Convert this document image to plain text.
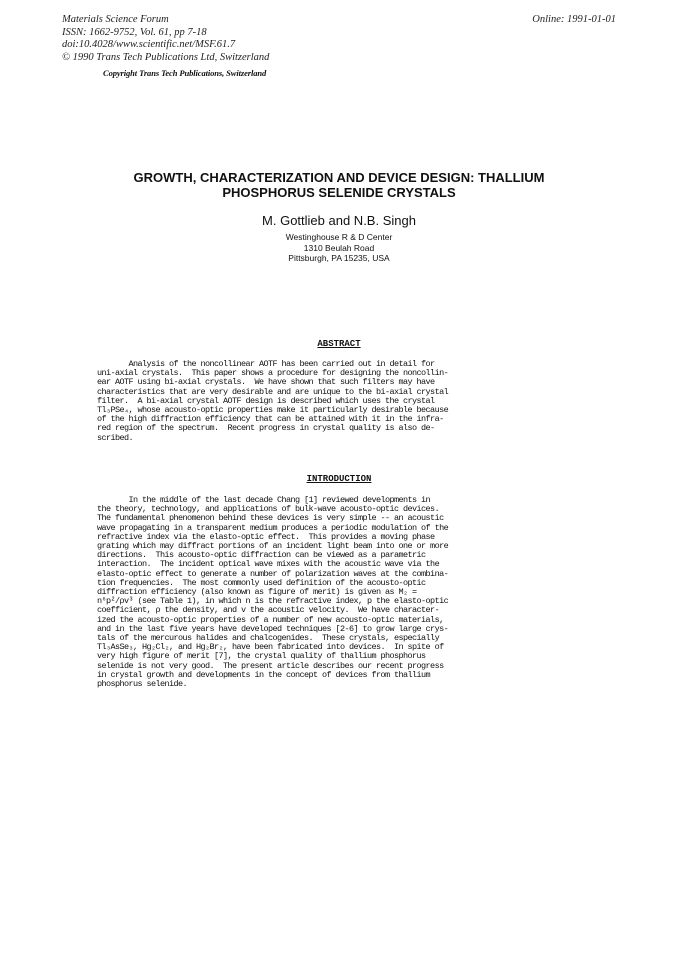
Materials Science Forum
ISSN: 1662-9752, Vol. 61, pp 7-18
doi:10.4028/www.scientific.net/MSF.61.7
© 1990 Trans Tech Publications Ltd, Switzerland
Online: 1991-01-01
Copyright Trans Tech Publications, Switzerland
GROWTH, CHARACTERIZATION AND DEVICE DESIGN: THALLIUM
PHOSPHORUS SELENIDE CRYSTALS
M. Gottlieb and N.B. Singh
Westinghouse R & D Center
1310 Beulah Road
Pittsburgh, PA 15235, USA
ABSTRACT
Analysis of the noncollinear AOTF has been carried out in detail for
uni-axial crystals.  This paper shows a procedure for designing the noncollin-
ear AOTF using bi-axial crystals.  We have shown that such filters may have
characteristics that are very desirable and are unique to the bi-axial crystal
filter.  A bi-axial crystal AOTF design is described which uses the crystal
Tl₃PSe₄, whose acousto-optic properties make it particularly desirable because
of the high diffraction efficiency that can be attained with it in the infra-
red region of the spectrum.  Recent progress in crystal quality is also de-
scribed.
INTRODUCTION
In the middle of the last decade Chang [1] reviewed developments in
the theory, technology, and applications of bulk-wave acousto-optic devices.
The fundamental phenomenon behind these devices is very simple -- an acoustic
wave propagating in a transparent medium produces a periodic modulation of the
refractive index via the elasto-optic effect.  This provides a moving phase
grating which may diffract portions of an incident light beam into one or more
directions.  This acousto-optic diffraction can be viewed as a parametric
interaction.  The incident optical wave mixes with the acoustic wave via the
elasto-optic effect to generate a number of polarization waves at the combina-
tion frequencies.  The most commonly used definition of the acousto-optic
diffraction efficiency (also known as figure of merit) is given as M₂ =
n⁶p²/ρv³ (see Table 1), in which n is the refractive index, p the elasto-optic
coefficient, ρ the density, and v the acoustic velocity.  We have character-
ized the acousto-optic properties of a number of new acousto-optic materials,
and in the last five years have developed techniques [2-6] to grow large crys-
tals of the mercurous halides and chalcogenides.  These crystals, especially
Tl₃AsSe₃, Hg₂Cl₂, and Hg₂Br₂, have been fabricated into devices.  In spite of
very high figure of merit [7], the crystal quality of thallium phosphorus
selenide is not very good.  The present article describes our recent progress
in crystal growth and developments in the concept of devices from thallium
phosphorus selenide.
